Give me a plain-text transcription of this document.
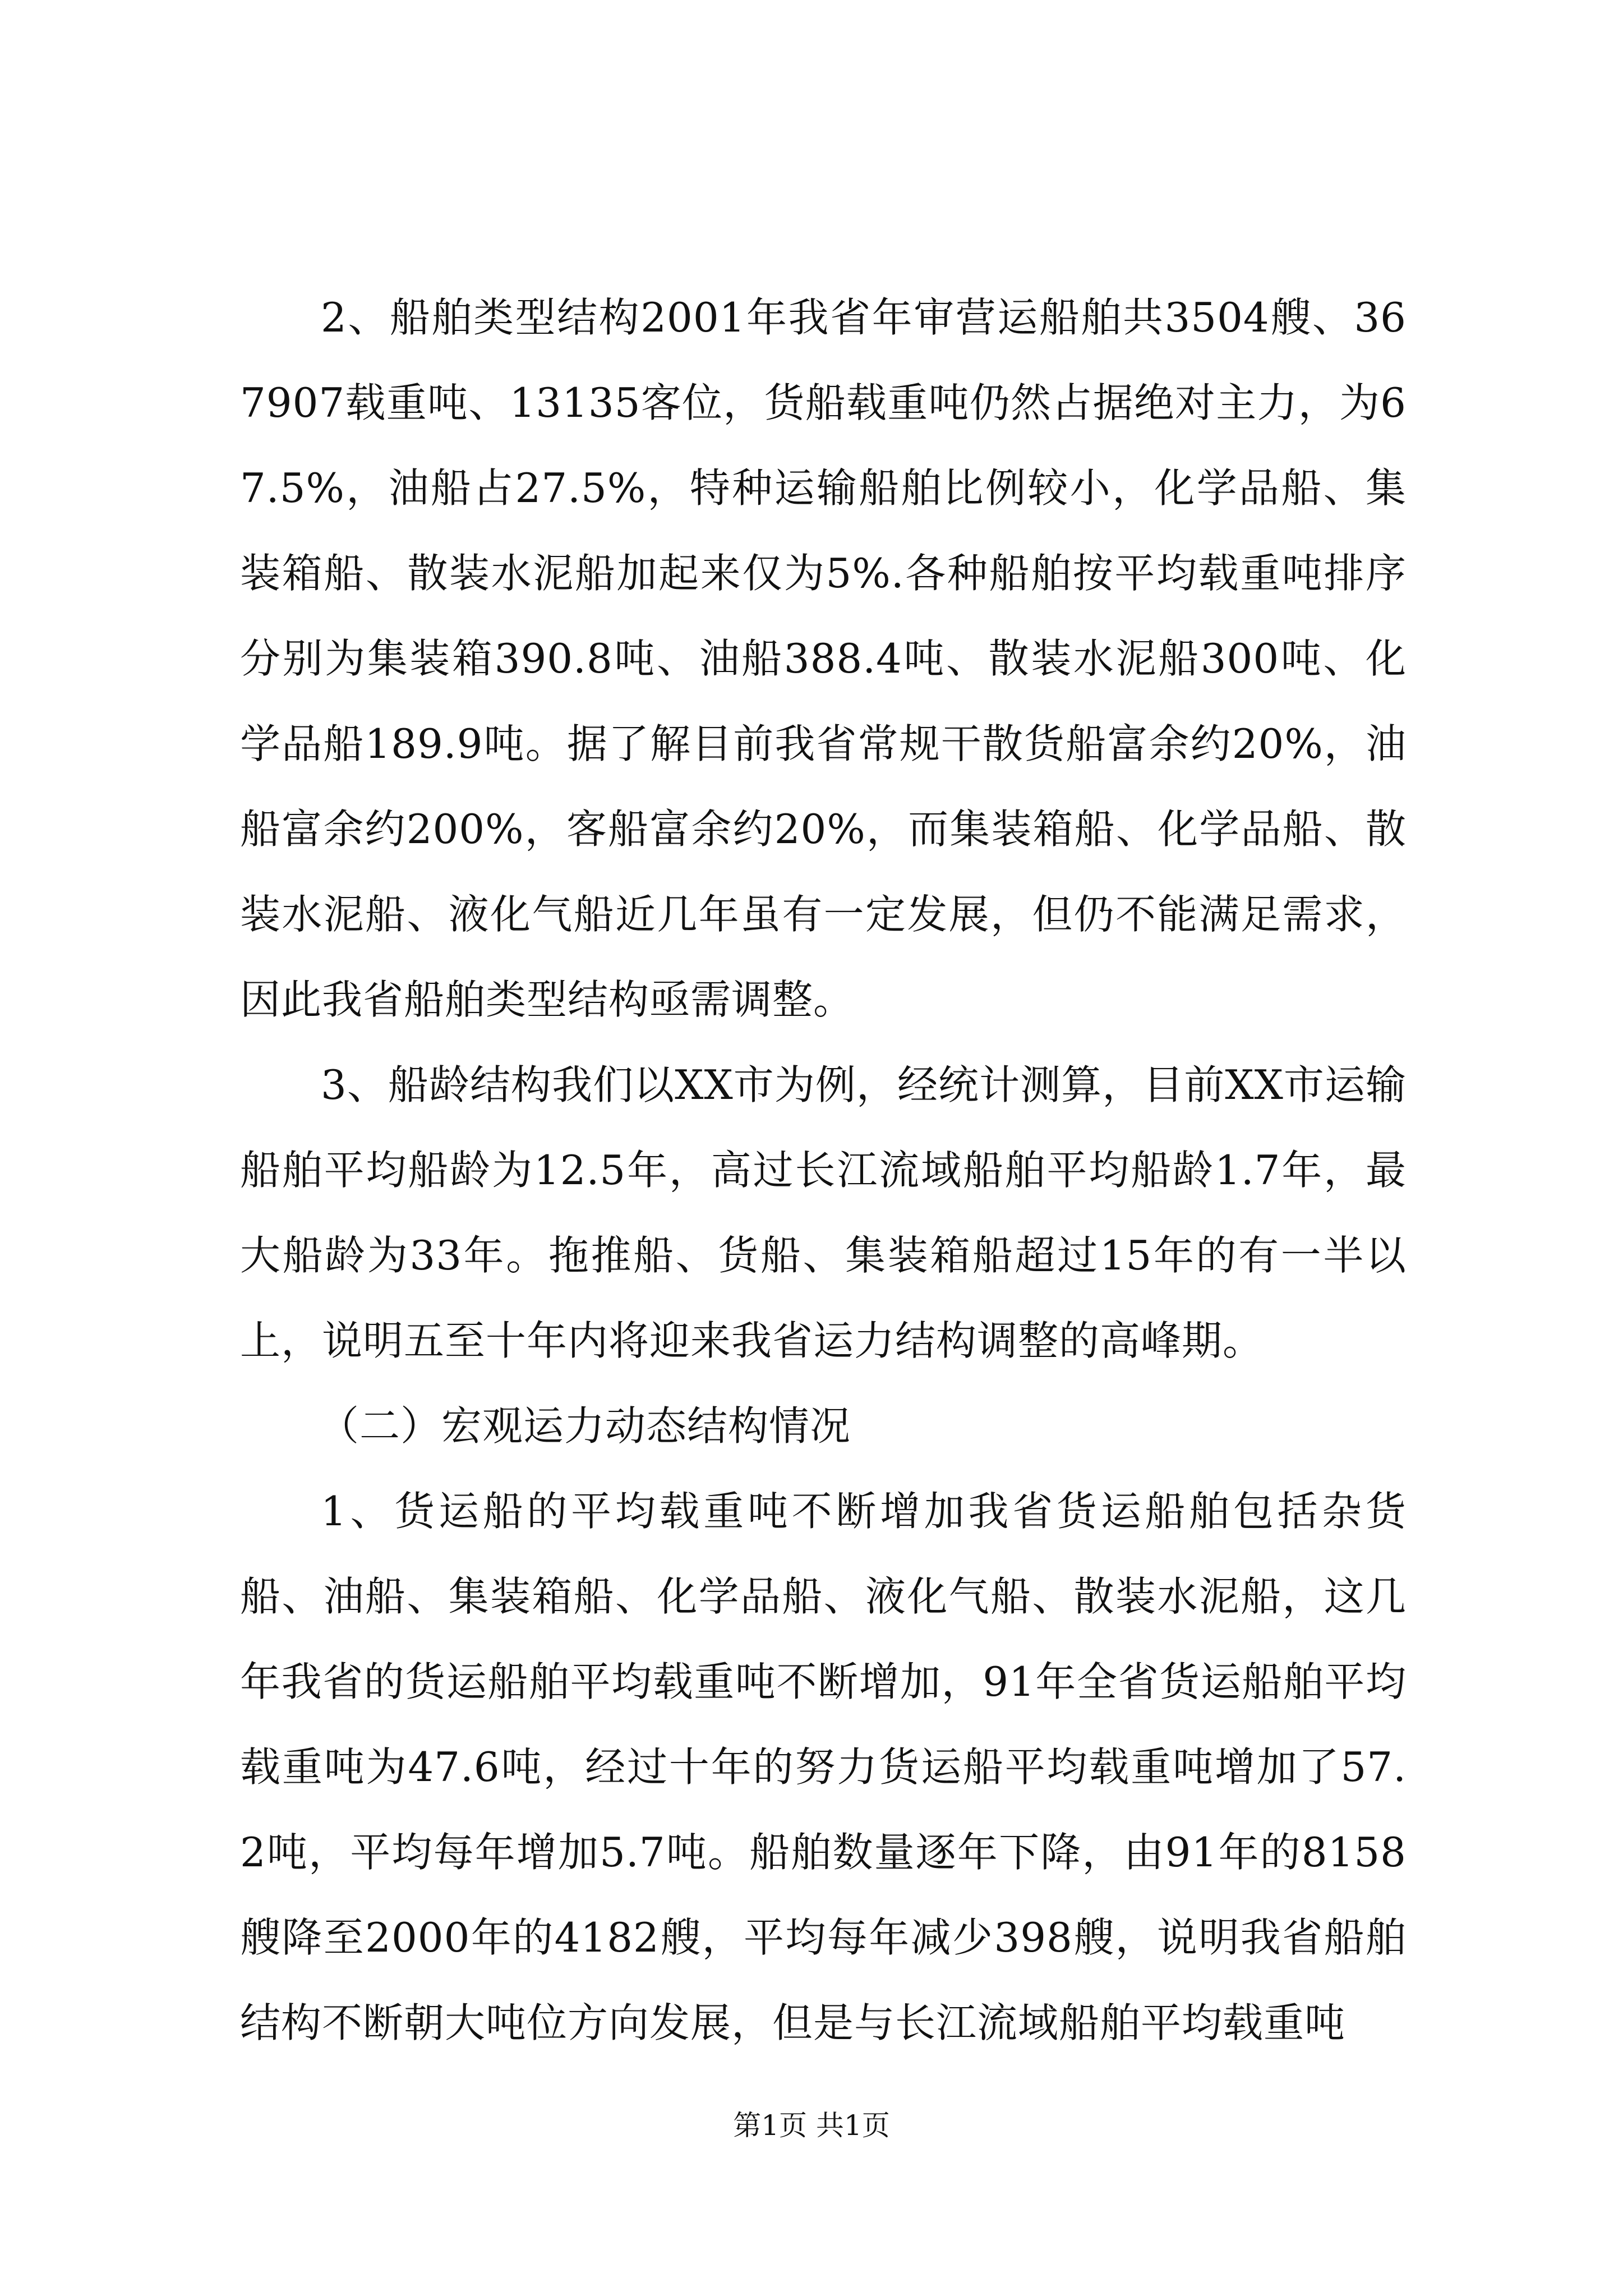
2、船舶类型结构2001年我省年审营运船舶共3504艘、367907载重吨、13135客位，货船载重吨仍然占据绝对主力，为67.5%，油船占27.5%，特种运输船舶比例较小，化学品船、集装箱船、散装水泥船加起来仅为5%.各种船舶按平均载重吨排序分别为集装箱390.8吨、油船388.4吨、散装水泥船300吨、化学品船189.9吨。据了解目前我省常规干散货船富余约20%，油船富余约200%，客船富余约20%，而集装箱船、化学品船、散装水泥船、液化气船近几年虽有一定发展，但仍不能满足需求，因此我省船舶类型结构亟需调整。

3、船龄结构我们以XX市为例，经统计测算，目前XX市运输船舶平均船龄为12.5年，高过长江流域船舶平均船龄1.7年，最大船龄为33年。拖推船、货船、集装箱船超过15年的有一半以上，说明五至十年内将迎来我省运力结构调整的高峰期。

（二）宏观运力动态结构情况

1、货运船的平均载重吨不断增加我省货运船舶包括杂货船、油船、集装箱船、化学品船、液化气船、散装水泥船，这几年我省的货运船舶平均载重吨不断增加，91年全省货运船舶平均载重吨为47.6吨，经过十年的努力货运船平均载重吨增加了57.2吨，平均每年增加5.7吨。船舶数量逐年下降，由91年的8158艘降至2000年的4182艘，平均每年减少398艘，说明我省船舶结构不断朝大吨位方向发展，但是与长江流域船舶平均载重吨

第1页 共1页
